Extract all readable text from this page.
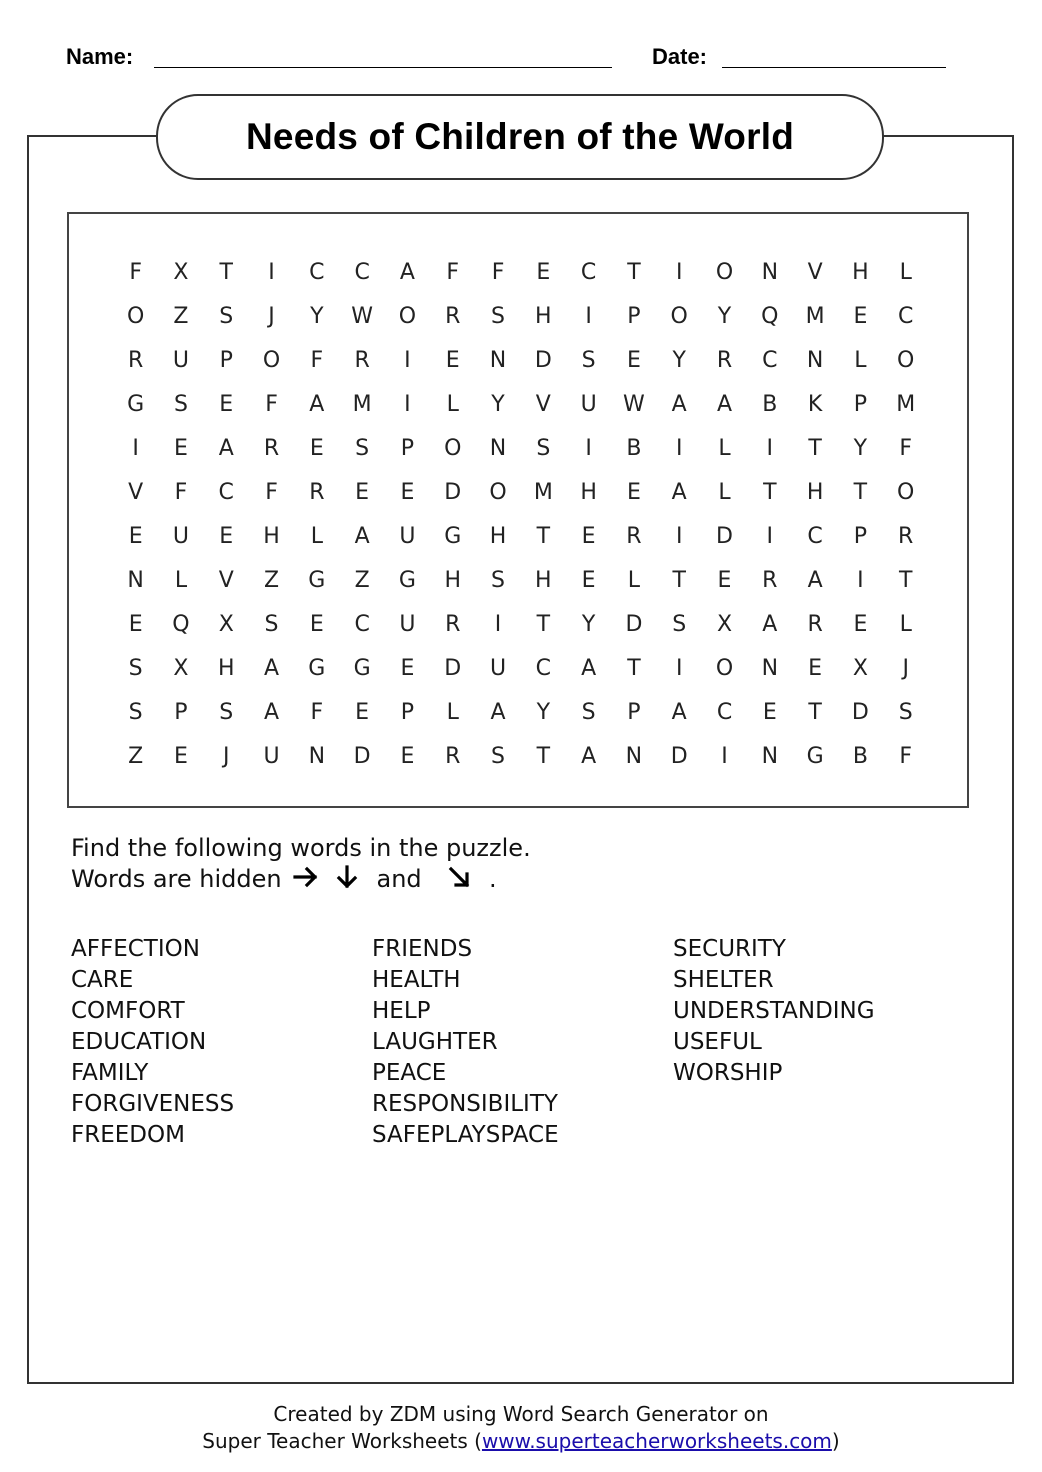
Name:	Date:
Needs of Children of the World
F	X	T	I	C	C	A	F	F	E	C	T	I	O	N	V	H	L
O	Z	S	J	Y	W	O	R	S	H	I	P	O	Y	Q	M	E	C
R	U	P	O	F	R	I	E	N	D	S	E	Y	R	C	N	L	O
G	S	E	F	A	M	I	L	Y	V	U	W	A	A	B	K	P	M
I	E	A	R	E	S	P	O	N	S	I	B	I	L	I	T	Y	F
V	F	C	F	R	E	E	D	O	M	H	E	A	L	T	H	T	O
E	U	E	H	L	A	U	G	H	T	E	R	I	D	I	C	P	R
N	L	V	Z	G	Z	G	H	S	H	E	L	T	E	R	A	I	T
E	Q	X	S	E	C	U	R	I	T	Y	D	S	X	A	R	E	L
S	X	H	A	G	G	E	D	U	C	A	T	I	O	N	E	X	J
S	P	S	A	F	E	P	L	A	Y	S	P	A	C	E	T	D	S
Z	E	J	U	N	D	E	R	S	T	A	N	D	I	N	G	B	F
Find the following words in the puzzle.
Words are hidden	and	.
AFFECTION
CARE
COMFORT
EDUCATION
FAMILY
FORGIVENESS
FREEDOM
FRIENDS
HEALTH
HELP
LAUGHTER
PEACE
RESPONSIBILITY
SAFEPLAYSPACE
SECURITY
SHELTER
UNDERSTANDING
USEFUL
WORSHIP
Created by ZDM using Word Search Generator on
Super Teacher Worksheets (www.superteacherworksheets.com)
